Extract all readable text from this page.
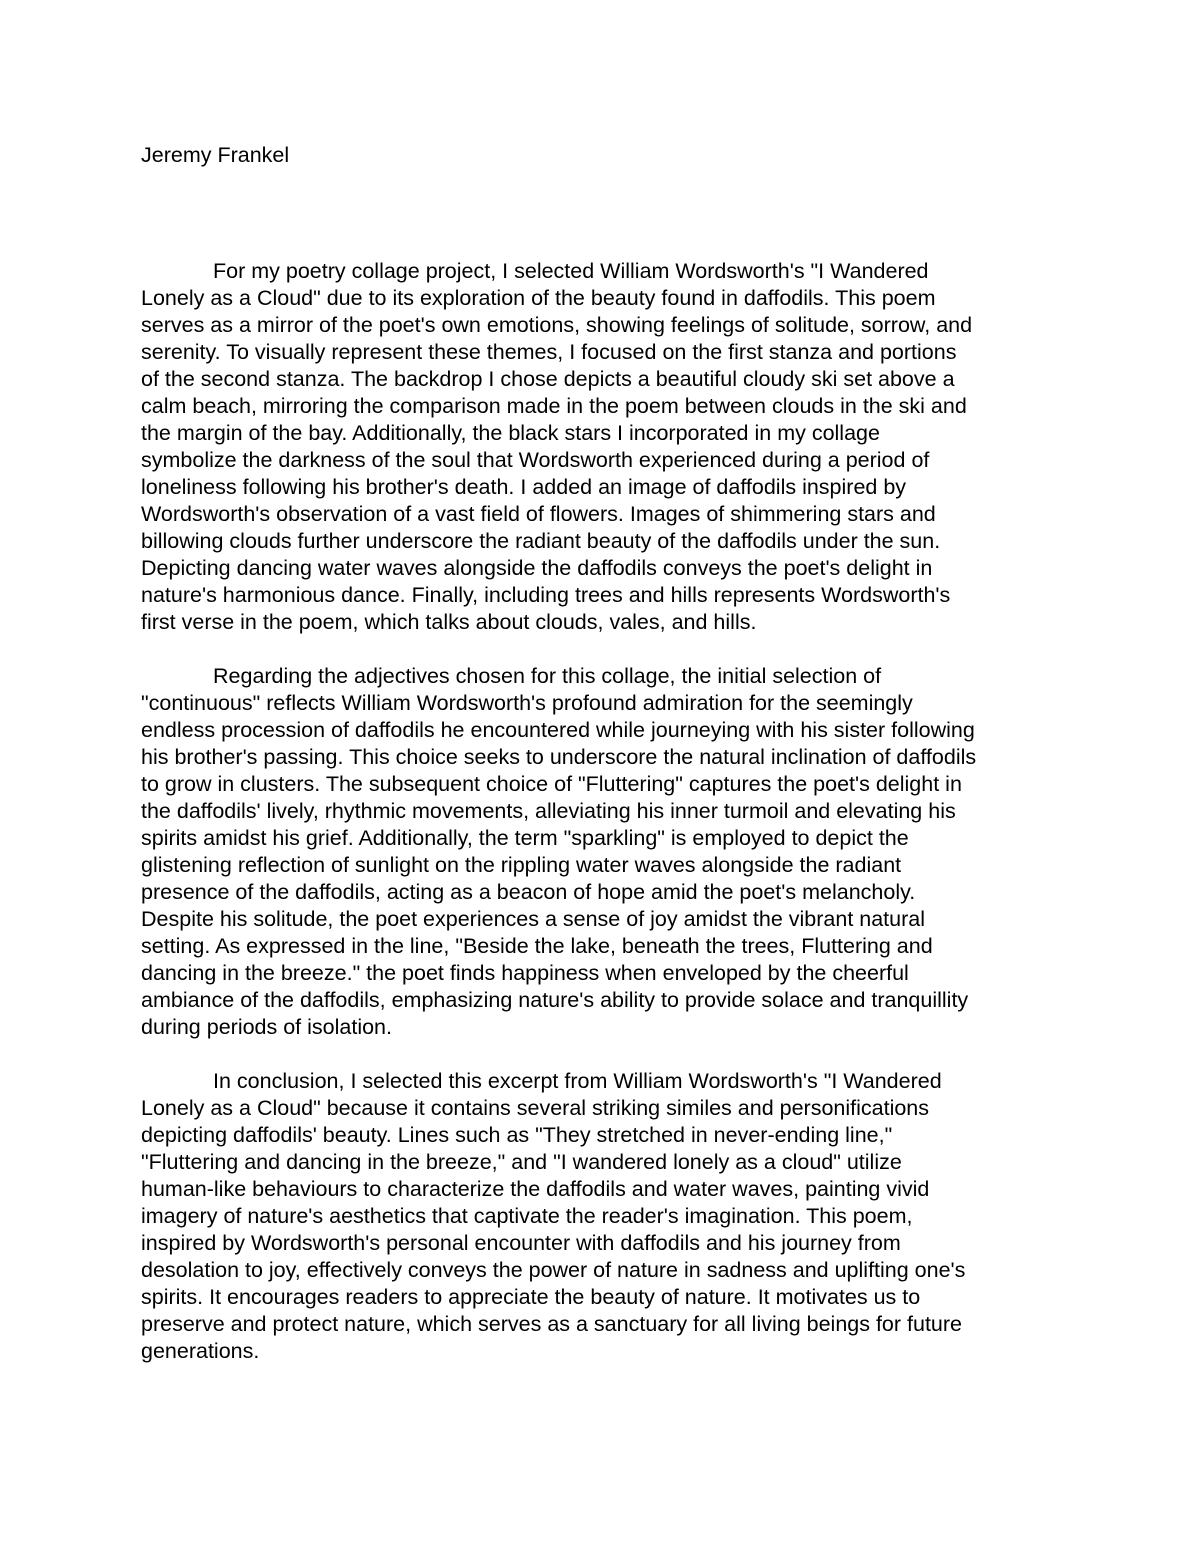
Jeremy Frankel

For my poetry collage project, I selected William Wordsworth's "I Wandered
Lonely as a Cloud" due to its exploration of the beauty found in daffodils. This poem
serves as a mirror of the poet's own emotions, showing feelings of solitude, sorrow, and
serenity. To visually represent these themes, I focused on the first stanza and portions
of the second stanza. The backdrop I chose depicts a beautiful cloudy ski set above a
calm beach, mirroring the comparison made in the poem between clouds in the ski and
the margin of the bay. Additionally, the black stars I incorporated in my collage
symbolize the darkness of the soul that Wordsworth experienced during a period of
loneliness following his brother's death. I added an image of daffodils inspired by
Wordsworth's observation of a vast field of flowers. Images of shimmering stars and
billowing clouds further underscore the radiant beauty of the daffodils under the sun.
Depicting dancing water waves alongside the daffodils conveys the poet's delight in
nature's harmonious dance. Finally, including trees and hills represents Wordsworth's
first verse in the poem, which talks about clouds, vales, and hills.

Regarding the adjectives chosen for this collage, the initial selection of
"continuous" reflects William Wordsworth's profound admiration for the seemingly
endless procession of daffodils he encountered while journeying with his sister following
his brother's passing. This choice seeks to underscore the natural inclination of daffodils
to grow in clusters. The subsequent choice of "Fluttering" captures the poet's delight in
the daffodils' lively, rhythmic movements, alleviating his inner turmoil and elevating his
spirits amidst his grief. Additionally, the term "sparkling" is employed to depict the
glistening reflection of sunlight on the rippling water waves alongside the radiant
presence of the daffodils, acting as a beacon of hope amid the poet's melancholy.
Despite his solitude, the poet experiences a sense of joy amidst the vibrant natural
setting. As expressed in the line, "Beside the lake, beneath the trees, Fluttering and
dancing in the breeze." the poet finds happiness when enveloped by the cheerful
ambiance of the daffodils, emphasizing nature's ability to provide solace and tranquillity
during periods of isolation.

In conclusion, I selected this excerpt from William Wordsworth's "I Wandered
Lonely as a Cloud" because it contains several striking similes and personifications
depicting daffodils' beauty. Lines such as "They stretched in never-ending line,"
"Fluttering and dancing in the breeze," and "I wandered lonely as a cloud" utilize
human-like behaviours to characterize the daffodils and water waves, painting vivid
imagery of nature's aesthetics that captivate the reader's imagination. This poem,
inspired by Wordsworth's personal encounter with daffodils and his journey from
desolation to joy, effectively conveys the power of nature in sadness and uplifting one's
spirits. It encourages readers to appreciate the beauty of nature. It motivates us to
preserve and protect nature, which serves as a sanctuary for all living beings for future
generations.
